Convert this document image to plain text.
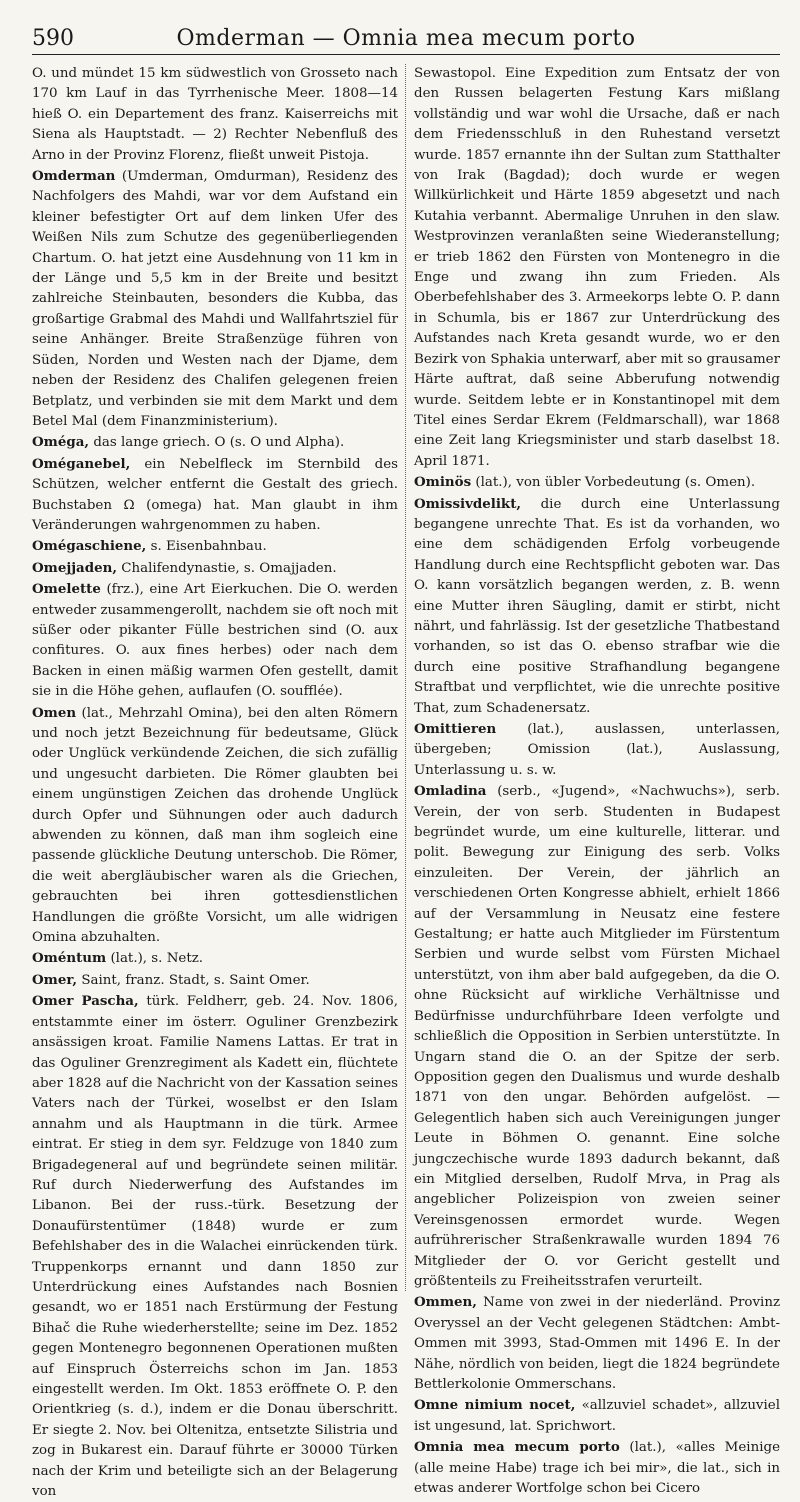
590	Omderman — Omnia mea mecum porto

O. und mündet 15 km südwestlich von Grosseto nach 170 km Lauf in das Tyrrhenische Meer. 1808—14 hieß O. ein Departement des franz. Kaiserreichs mit Siena als Hauptstadt. — 2) Rechter Nebenfluß des Arno in der Provinz Florenz, fließt unweit Pistoja.

Omderman (Umderman, Omdurman), Residenz des Nachfolgers des Mahdi, war vor dem Aufstand ein kleiner befestigter Ort auf dem linken Ufer des Weißen Nils zum Schutze des gegenüberliegenden Chartum. O. hat jetzt eine Ausdehnung von 11 km in der Länge und 5,5 km in der Breite und besitzt zahlreiche Steinbauten, besonders die Kubba, das großartige Grabmal des Mahdi und Wallfahrtsziel für seine Anhänger. Breite Straßenzüge führen von Süden, Norden und Westen nach der Djame, dem neben der Residenz des Chalifen gelegenen freien Betplatz, und verbinden sie mit dem Markt und dem Betel Mal (dem Finanzministerium).

Oméga, das lange griech. O (s. O und Alpha).

Oméganebel, ein Nebelfleck im Sternbild des Schützen, welcher entfernt die Gestalt des griech. Buchstaben Ω (omega) hat. Man glaubt in ihm Veränderungen wahrgenommen zu haben.

Omégaschiene, s. Eisenbahnbau.

Omejjaden, Chalifendynastie, s. Omajjaden.

Omelette (frz.), eine Art Eierkuchen. Die O. werden entweder zusammengerollt, nachdem sie oft noch mit süßer oder pikanter Fülle bestrichen sind (O. aux confitures. O. aux fines herbes) oder nach dem Backen in einen mäßig warmen Ofen gestellt, damit sie in die Höhe gehen, auflaufen (O. soufflée).

Omen (lat., Mehrzahl Omina), bei den alten Römern und noch jetzt Bezeichnung für bedeutsame, Glück oder Unglück verkündende Zeichen, die sich zufällig und ungesucht darbieten. Die Römer glaubten bei einem ungünstigen Zeichen das drohende Unglück durch Opfer und Sühnungen oder auch dadurch abwenden zu können, daß man ihm sogleich eine passende glückliche Deutung unterschob. Die Römer, die weit abergläubischer waren als die Griechen, gebrauchten bei ihren gottesdienstlichen Handlungen die größte Vorsicht, um alle widrigen Omina abzuhalten.

Oméntum (lat.), s. Netz.

Omer, Saint, franz. Stadt, s. Saint Omer.

Omer Pascha, türk. Feldherr, geb. 24. Nov. 1806, entstammte einer im österr. Oguliner Grenzbezirk ansässigen kroat. Familie Namens Lattas. Er trat in das Oguliner Grenzregiment als Kadett ein, flüchtete aber 1828 auf die Nachricht von der Kassation seines Vaters nach der Türkei, woselbst er den Islam annahm und als Hauptmann in die türk. Armee eintrat. Er stieg in dem syr. Feldzuge von 1840 zum Brigadegeneral auf und begründete seinen militär. Ruf durch Niederwerfung des Aufstandes im Libanon. Bei der russ.-türk. Besetzung der Donaufürstentümer (1848) wurde er zum Befehlshaber des in die Walachei einrückenden türk. Truppenkorps ernannt und dann 1850 zur Unterdrückung eines Aufstandes nach Bosnien gesandt, wo er 1851 nach Erstürmung der Festung Bihač die Ruhe wiederherstellte; seine im Dez. 1852 gegen Montenegro begonnenen Operationen mußten auf Einspruch Österreichs schon im Jan. 1853 eingestellt werden. Im Okt. 1853 eröffnete O. P. den Orientkrieg (s. d.), indem er die Donau überschritt. Er siegte 2. Nov. bei Oltenitza, entsetzte Silistria und zog in Bukarest ein. Darauf führte er 30000 Türken nach der Krim und beteiligte sich an der Belagerung von

Sewastopol. Eine Expedition zum Entsatz der von den Russen belagerten Festung Kars mißlang vollständig und war wohl die Ursache, daß er nach dem Friedensschluß in den Ruhestand versetzt wurde. 1857 ernannte ihn der Sultan zum Statthalter von Irak (Bagdad); doch wurde er wegen Willkürlichkeit und Härte 1859 abgesetzt und nach Kutahia verbannt. Abermalige Unruhen in den slaw. Westprovinzen veranlaßten seine Wiederanstellung; er trieb 1862 den Fürsten von Montenegro in die Enge und zwang ihn zum Frieden. Als Oberbefehlshaber des 3. Armeekorps lebte O. P. dann in Schumla, bis er 1867 zur Unterdrückung des Aufstandes nach Kreta gesandt wurde, wo er den Bezirk von Sphakia unterwarf, aber mit so grausamer Härte auftrat, daß seine Abberufung notwendig wurde. Seitdem lebte er in Konstantinopel mit dem Titel eines Serdar Ekrem (Feldmarschall), war 1868 eine Zeit lang Kriegsminister und starb daselbst 18. April 1871.

Ominös (lat.), von übler Vorbedeutung (s. Omen).

Omissivdelikt, die durch eine Unterlassung begangene unrechte That. Es ist da vorhanden, wo eine dem schädigenden Erfolg vorbeugende Handlung durch eine Rechtspflicht geboten war. Das O. kann vorsätzlich begangen werden, z. B. wenn eine Mutter ihren Säugling, damit er stirbt, nicht nährt, und fahrlässig. Ist der gesetzliche Thatbestand vorhanden, so ist das O. ebenso strafbar wie die durch eine positive Strafhandlung begangene Straftbat und verpflichtet, wie die unrechte positive That, zum Schadenersatz.

Omittieren (lat.), auslassen, unterlassen, übergeben; Omission (lat.), Auslassung, Unterlassung u. s. w.

Omladina (serb., «Jugend», «Nachwuchs»), serb. Verein, der von serb. Studenten in Budapest begründet wurde, um eine kulturelle, litterar. und polit. Bewegung zur Einigung des serb. Volks einzuleiten. Der Verein, der jährlich an verschiedenen Orten Kongresse abhielt, erhielt 1866 auf der Versammlung in Neusatz eine festere Gestaltung; er hatte auch Mitglieder im Fürstentum Serbien und wurde selbst vom Fürsten Michael unterstützt, von ihm aber bald aufgegeben, da die O. ohne Rücksicht auf wirkliche Verhältnisse und Bedürfnisse undurchführbare Ideen verfolgte und schließlich die Opposition in Serbien unterstützte. In Ungarn stand die O. an der Spitze der serb. Opposition gegen den Dualismus und wurde deshalb 1871 von den ungar. Behörden aufgelöst. — Gelegentlich haben sich auch Vereinigungen junger Leute in Böhmen O. genannt. Eine solche jungczechische wurde 1893 dadurch bekannt, daß ein Mitglied derselben, Rudolf Mrva, in Prag als angeblicher Polizeispion von zweien seiner Vereinsgenossen ermordet wurde. Wegen aufrührerischer Straßenkrawalle wurden 1894 76 Mitglieder der O. vor Gericht gestellt und größtenteils zu Freiheitsstrafen verurteilt.

Ommen, Name von zwei in der niederländ. Provinz Overyssel an der Vecht gelegenen Städtchen: Ambt-Ommen mit 3993, Stad-Ommen mit 1496 E. In der Nähe, nördlich von beiden, liegt die 1824 begründete Bettlerkolonie Ommerschans.

Omne nimium nocet, «allzuviel schadet», allzuviel ist ungesund, lat. Sprichwort.

Omnia mea mecum porto (lat.), «alles Meinige (alle meine Habe) trage ich bei mir», die lat., sich in etwas anderer Wortfolge schon bei Cicero
